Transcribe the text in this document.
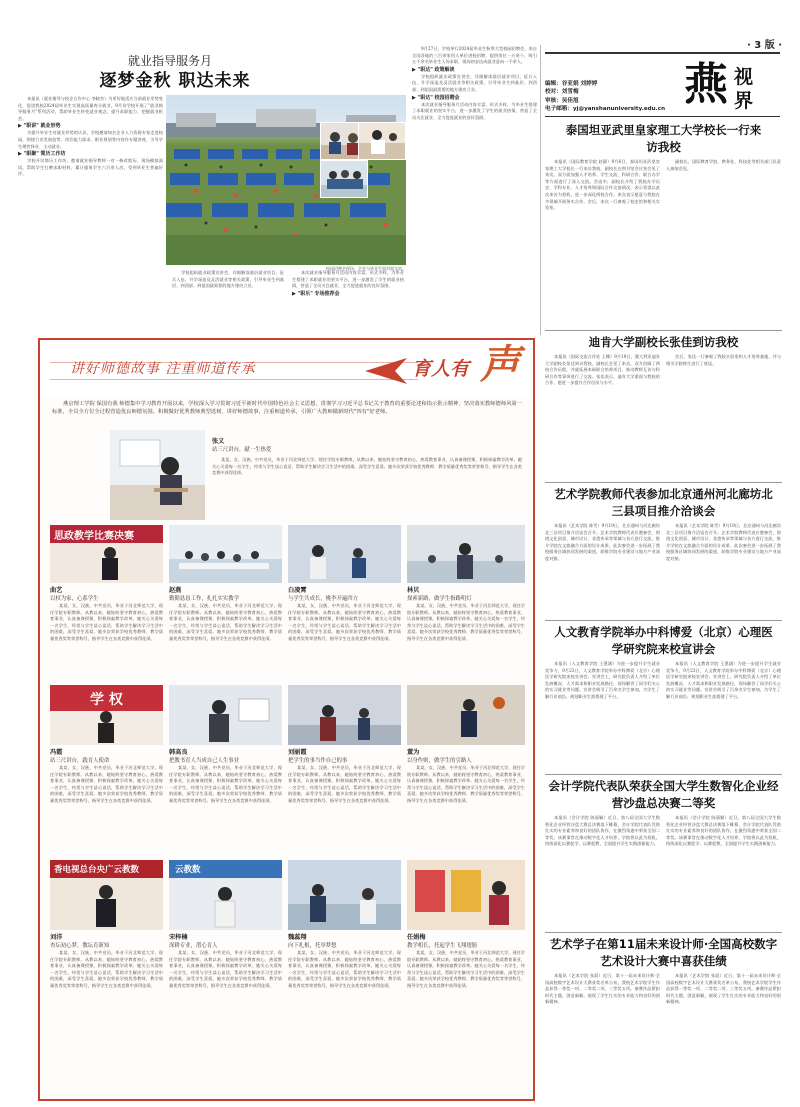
· 3 版 ·
燕 视
界
编辑：谷亚娟 刘婷婷
校对：刘雪梅
审核：吴佳旭
电子邮箱：yj@yanshanuniversity.edu.cn
就业指导服务月
逐梦金秋 职达未来

本报讯（就业指导与校企合作中心 李晓杰）为更好地适应当前就业形势变化，促进我校2024届毕业生实现高质量充分就业，9月份学校开展了"就业指导服务月"系列活动，帮助毕业生转变就业观念、提升求职能力、把握就业机会。

▶ "职讲" 就业形势

为提升毕业生对就业形势的认识，学校邀请知名企业人力资源专家走进校园，围绕行业发展趋势、岗位能力需求、职业规划等内容作专题讲座，引导学生理性择业、主动就业。

▶ "职聚" 简历工作坊

学校开设简历工作坊，邀请就业指导教师一对一修改简历，现场模拟面试，帮助学生打磨求职材料，累计服务学生六百余人次，受到毕业生普遍好评。

学校组织就业政策宣讲会，详细解读基层就业项目、征兵入伍、升学深造及灵活就业等相关政策，引导毕业生到基层、到西部、到祖国最需要的地方建功立业。

本次就业指导服务月活动内容丰富、形式多样，为毕业生搭建了求职就业的坚实平台，进一步激发了学生的就业热情，营造了全员关注就业、全力促进就业的良好氛围。

▶ "职乐" 专场推荐会

9月27日，学校举行2024届毕业生秋季大型校园招聘会，来自全国各地的三百余家用人单位进校招聘，提供岗位一万余个，吸引五千余名毕业生入场求职，现场初步达成就业意向一千余人。

▶ "职达" 政策解读

学校组织就业政策宣讲会，详细解读基层就业项目、征兵入伍、升学深造及灵活就业等相关政策，引导毕业生到基层、到西部、到祖国最需要的地方建功立业。

▶ "职达" 校园招聘会

本次就业指导服务月活动内容丰富、形式多样，为毕业生搭建了求职就业的坚实平台，进一步激发了学生的就业热情，营造了全员关注就业、全力促进就业的良好氛围。

校园招聘会现场，企业与毕业生面对面交流。
泰国坦亚武里皇家理工大学校长一行来访我校
本报讯（国际教育学院 赵静）9月6日，泰国坦亚武里皇家理工大学校长一行来访我校，副校长在图书馆会议室会见了来宾，双方就加强人才培养、学生交流、科研合作、联合办学等方面进行了深入交流。会谈中，副校长介绍了我校办学历史、学科专业、人才培养和国际合作交流情况，表示希望以此次来访为契机，进一步深化两校合作。来宾表示愿意与我校在多领域开展务实合作。会后，来宾一行参观了校史馆和相关实验室。
副校长，国际教育学院、教务处、科技处等相关部门负责人参加会见。
迪肯大学副校长张佳到访我校
本报讯（国际交流合作处 王娜）9月19日，澳大利亚迪肯大学副校长张佳到访我校，副校长会见了来宾，双方回顾了两校合作历程，并就拓展本硕联合培养项目、推动教师互访与科研合作等事项进行了交流。张佳表示，迪肯大学重视与我校的合作，愿进一步提升合作层次与水平。
会后，张佳一行参观了我校实验室和人才培养基地，并与相关学院师生进行了座谈。
艺术学院教师代表参加北京通州河北廊坊北三县项目推介洽谈会
本报讯（艺术学院 陈雪）9月19日，北京通州与河北廊坊北三县项目推介洽谈会召开。艺术学院教师代表应邀参会，围绕文化创意、城市设计、非遗传承等领域与各方进行交流，推介学院在文旅融合方面的设计成果。此次参会进一步拓展了我校服务区域协同发展的渠道，助推学院专业建设与地方产业深度对接。
本报讯（艺术学院 陈雪）9月19日，北京通州与河北廊坊北三县项目推介洽谈会召开。艺术学院教师代表应邀参会，围绕文化创意、城市设计、非遗传承等领域与各方进行交流，推介学院在文旅融合方面的设计成果。此次参会进一步拓展了我校服务区域协同发展的渠道，助推学院专业建设与地方产业深度对接。
人文教育学院举办中科博爱（北京）心理医学研究院来校宣讲会
本报讯（人文教育学院 王墨涵）为进一步提升学生就业竞争力，9月23日，人文教育学院举办中科博爱（北京）心理医学研究院来校宣讲会。宣讲会上，研究院负责人介绍了单位发展概况、人才需求和职业发展路径，现场解答了同学们关心的实习就业等问题。宣讲会吸引了百余名学生参加，为学生了解行业前沿、规划职业生涯搭建了平台。
本报讯（人文教育学院 王墨涵）为进一步提升学生就业竞争力，9月23日，人文教育学院举办中科博爱（北京）心理医学研究院来校宣讲会。宣讲会上，研究院负责人介绍了单位发展概况、人才需求和职业发展路径，现场解答了同学们关心的实习就业等问题。宣讲会吸引了百余名学生参加，为学生了解行业前沿、规划职业生涯搭建了平台。
会计学院代表队荣获全国大学生数智化企业经营沙盘总决赛二等奖
本报讯（会计学院 陈丽颖）近日，第八届全国大学生数智化企业经营沙盘大赛总决赛落下帷幕，会计学院代表队凭借扎实的专业素养和良好的团队协作，在激烈角逐中荣获全国二等奖。该赛事旨在推动数字化人才培养，学院将以此为契机，持续深化以赛促学、以赛促教，全面提升学生实践创新能力。
本报讯（会计学院 陈丽颖）近日，第八届全国大学生数智化企业经营沙盘大赛总决赛落下帷幕，会计学院代表队凭借扎实的专业素养和良好的团队协作，在激烈角逐中荣获全国二等奖。该赛事旨在推动数字化人才培养，学院将以此为契机，持续深化以赛促学、以赛促教，全面提升学生实践创新能力。
艺术学子在第11届未来设计师·全国高校数字艺术设计大赛中喜获佳绩
本报讯（艺术学院 张晨）近日，第十一届未来设计师·全国高校数字艺术设计大赛获奖名单公布，我校艺术学院学生作品获得一等奖一项、二等奖二项、三等奖五项。参赛作品紧扣时代主题，创意新颖，展现了学生扎实的专业能力和良好的创新精神。
本报讯（艺术学院 张晨）近日，第十一届未来设计师·全国高校数字艺术设计大赛获奖名单公布，我校艺术学院学生作品获得一等奖一项、二等奖二项、三等奖五项。参赛作品紧扣时代主题，创意新颖，展现了学生扎实的专业能力和良好的创新精神。
讲好师德故事 注重师道传承	育人有 声
燕京理工学院 保国有我 师德集中学习教育开展以来，学校深入学习贯彻习近平新时代中国特色社会主义思想，贯彻学习习近平总书记关于教育的重要论述和指示批示精神，坚决落实教师德师风第一标准，全员全方位全过程营造优良师德氛围。积极做好优秀教师典型选树，讲好师德故事，注重师道传承，引领广大教师做新时代"四有"好老师。
张义
站三尺讲台，献一生热爱
某某，女，汉族，中共党员，毕业于河北师范大学，现任学院专职教师。从教以来，她始终坚守教育初心，热爱教育事业，认真备课授课，积极探索教学改革。她关心关爱每一名学生，经常与学生谈心谈话，帮助学生解决学习生活中的困难，深受学生喜爱。她多次荣获学校优秀教师、教学质量优秀奖等荣誉称号，指导学生在各类竞赛中获得佳绩。
思政教学比赛决赛
曲艺
以权为家，心系学生
某某，女，汉族，中共党员，毕业于河北师范大学，现任学院专职教师。从教以来，她始终坚守教育初心，热爱教育事业，认真备课授课，积极探索教学改革。她关心关爱每一名学生，经常与学生谈心谈话，帮助学生解决学习生活中的困难，深受学生喜爱。她多次荣获学校优秀教师、教学质量优秀奖等荣誉称号，指导学生在各类竞赛中获得佳绩。
赵燕
勤勤恳恳工作，扎扎实实教学
某某，女，汉族，中共党员，毕业于河北师范大学，现任学院专职教师。从教以来，她始终坚守教育初心，热爱教育事业，认真备课授课，积极探索教学改革。她关心关爱每一名学生，经常与学生谈心谈话，帮助学生解决学习生活中的困难，深受学生喜爱。她多次荣获学校优秀教师、教学质量优秀奖等荣誉称号，指导学生在各类竞赛中获得佳绩。
白凌霄
与学生共成长，桃李开遍四方
某某，女，汉族，中共党员，毕业于河北师范大学，现任学院专职教师。从教以来，她始终坚守教育初心，热爱教育事业，认真备课授课，积极探索教学改革。她关心关爱每一名学生，经常与学生谈心谈话，帮助学生解决学习生活中的困难，深受学生喜爱。她多次荣获学校优秀教师、教学质量优秀奖等荣誉称号，指导学生在各类竞赛中获得佳绩。
林贝
探索新路，做学生指路明灯
某某，女，汉族，中共党员，毕业于河北师范大学，现任学院专职教师。从教以来，她始终坚守教育初心，热爱教育事业，认真备课授课，积极探索教学改革。她关心关爱每一名学生，经常与学生谈心谈话，帮助学生解决学习生活中的困难，深受学生喜爱。她多次荣获学校优秀教师、教学质量优秀奖等荣誉称号，指导学生在各类竞赛中获得佳绩。
学 权
冯霞
站三尺讲台，践育人使命
某某，女，汉族，中共党员，毕业于河北师范大学，现任学院专职教师。从教以来，她始终坚守教育初心，热爱教育事业，认真备课授课，积极探索教学改革。她关心关爱每一名学生，经常与学生谈心谈话，帮助学生解决学习生活中的困难，深受学生喜爱。她多次荣获学校优秀教师、教学质量优秀奖等荣誉称号，指导学生在各类竞赛中获得佳绩。
韩高良
把教书育人当成自己人生事业
某某，女，汉族，中共党员，毕业于河北师范大学，现任学院专职教师。从教以来，她始终坚守教育初心，热爱教育事业，认真备课授课，积极探索教学改革。她关心关爱每一名学生，经常与学生谈心谈话，帮助学生解决学习生活中的困难，深受学生喜爱。她多次荣获学校优秀教师、教学质量优秀奖等荣誉称号，指导学生在各类竞赛中获得佳绩。
刘丽霞
把学生的事当作自己的事
某某，女，汉族，中共党员，毕业于河北师范大学，现任学院专职教师。从教以来，她始终坚守教育初心，热爱教育事业，认真备课授课，积极探索教学改革。她关心关爱每一名学生，经常与学生谈心谈话，帮助学生解决学习生活中的困难，深受学生喜爱。她多次荣获学校优秀教师、教学质量优秀奖等荣誉称号，指导学生在各类竞赛中获得佳绩。
董为
以身作则，做学生的引路人
某某，女，汉族，中共党员，毕业于河北师范大学，现任学院专职教师。从教以来，她始终坚守教育初心，热爱教育事业，认真备课授课，积极探索教学改革。她关心关爱每一名学生，经常与学生谈心谈话，帮助学生解决学习生活中的困难，深受学生喜爱。她多次荣获学校优秀教师、教学质量优秀奖等荣誉称号，指导学生在各类竞赛中获得佳绩。
香电视总台央广云教数	云教数
刘洋
杏坛初心梦，教坛育新知
某某，女，汉族，中共党员，毕业于河北师范大学，现任学院专职教师。从教以来，她始终坚守教育初心，热爱教育事业，认真备课授课，积极探索教学改革。她关心关爱每一名学生，经常与学生谈心谈话，帮助学生解决学习生活中的困难，深受学生喜爱。她多次荣获学校优秀教师、教学质量优秀奖等荣誉称号，指导学生在各类竞赛中获得佳绩。
宋梓楠
深耕专业，潜心育人
某某，女，汉族，中共党员，毕业于河北师范大学，现任学院专职教师。从教以来，她始终坚守教育初心，热爱教育事业，认真备课授课，积极探索教学改革。她关心关爱每一名学生，经常与学生谈心谈话，帮助学生解决学习生活中的困难，深受学生喜爱。她多次荣获学校优秀教师、教学质量优秀奖等荣誉称号，指导学生在各类竞赛中获得佳绩。
魏蕊翔
向下扎根，托举梦想
某某，女，汉族，中共党员，毕业于河北师范大学，现任学院专职教师。从教以来，她始终坚守教育初心，热爱教育事业，认真备课授课，积极探索教学改革。她关心关爱每一名学生，经常与学生谈心谈话，帮助学生解决学习生活中的困难，深受学生喜爱。她多次荣获学校优秀教师、教学质量优秀奖等荣誉称号，指导学生在各类竞赛中获得佳绩。
任娟梅
教学相长，托起学生飞翔翅膀
某某，女，汉族，中共党员，毕业于河北师范大学，现任学院专职教师。从教以来，她始终坚守教育初心，热爱教育事业，认真备课授课，积极探索教学改革。她关心关爱每一名学生，经常与学生谈心谈话，帮助学生解决学习生活中的困难，深受学生喜爱。她多次荣获学校优秀教师、教学质量优秀奖等荣誉称号，指导学生在各类竞赛中获得佳绩。
